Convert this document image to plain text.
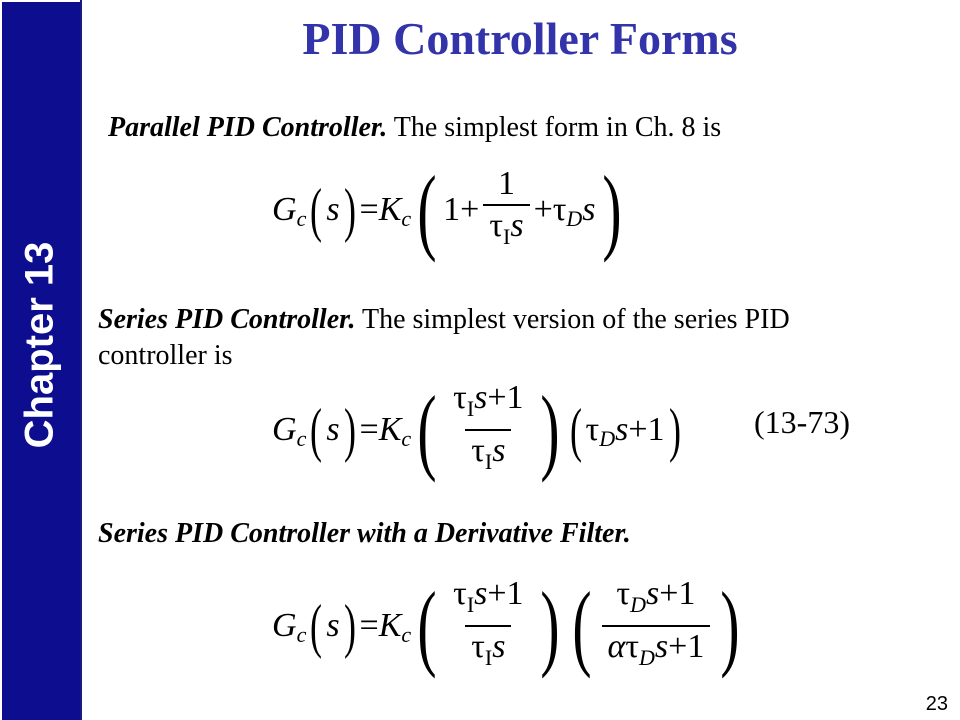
Chapter 13
PID Controller Forms
Parallel PID Controller. The simplest form in Ch. 8 is
$G_c$( $s) =K_c$( $1+ \frac{1}{\tau_Is} +\tau_Ds$)
Series PID Controller. The simplest version of the series PID controller is
$G_c$( $s) =K_c( \frac{\tau_Is+1}{\tau_Is}$ ) ( $\tau_Ds+1$) (13-73)
Series PID Controller with a Derivative Filter.
$G_c$( $s) =K_c( \frac{\tau_Is+1}{\tau_Is}$ ) ( $\frac{\tau_Ds+1}{\alpha\tau_Ds+1}$ )
23
